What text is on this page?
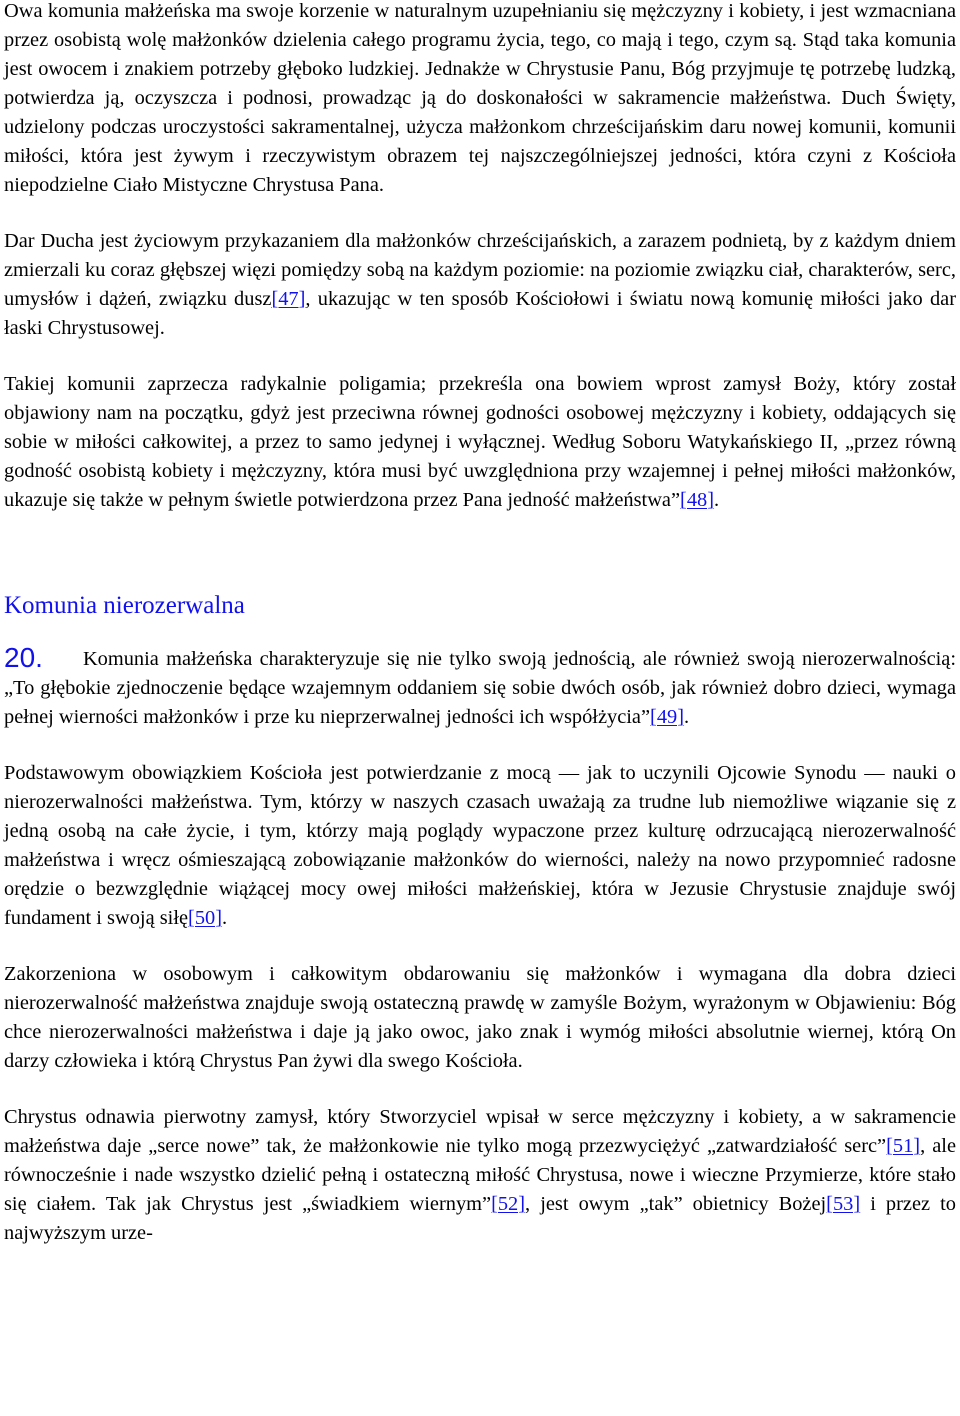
Owa komunia małżeńska ma swoje korzenie w naturalnym uzupełnianiu się mężczyzny i kobiety, i jest wzmacniana przez osobistą wolę małżonków dzielenia całego programu życia, tego, co mają i tego, czym są. Stąd taka komunia jest owocem i znakiem potrzeby głęboko ludzkiej. Jednakże w Chrystusie Panu, Bóg przyjmuje tę potrzebę ludzką, potwierdza ją, oczyszcza i podnosi, prowadząc ją do doskonałości w sakramencie małżeństwa. Duch Święty, udzielony podczas uroczystości sakramentalnej, użycza małżonkom chrześcijańskim daru nowej komunii, komunii miłości, która jest żywym i rzeczywistym obrazem tej najszczególniejszej jedności, która czyni z Kościoła niepodzielne Ciało Mistyczne Chrystusa Pana.

Dar Ducha jest życiowym przykazaniem dla małżonków chrześcijańskich, a zarazem podnietą, by z każdym dniem zmierzali ku coraz głębszej więzi pomiędzy sobą na każdym poziomie: na poziomie związku ciał, charakterów, serc, umysłów i dążeń, związku dusz[47], ukazując w ten sposób Kościołowi i światu nową komunię miłości jako dar łaski Chrystusowej.

Takiej komunii zaprzecza radykalnie poligamia; przekreśla ona bowiem wprost zamysł Boży, który został objawiony nam na początku, gdyż jest przeciwna równej godności osobowej mężczyzny i kobiety, oddających się sobie w miłości całkowitej, a przez to samo jedynej i wyłącznej. Według Soboru Watykańskiego II, „przez równą godność osobistą kobiety i mężczyzny, która musi być uwzględniona przy wzajemnej i pełnej miłości małżonków, ukazuje się także w pełnym świetle potwierdzona przez Pana jedność małżeństwa”[48].

Komunia nierozerwalna

20. Komunia małżeńska charakteryzuje się nie tylko swoją jednością, ale również swoją nierozerwalnością: „To głębokie zjednoczenie będące wzajemnym oddaniem się sobie dwóch osób, jak również dobro dzieci, wymaga pełnej wierności małżonków i prze ku nieprzerwalnej jedności ich współżycia”[49].

Podstawowym obowiązkiem Kościoła jest potwierdzanie z mocą — jak to uczynili Ojcowie Synodu — nauki o nierozerwalności małżeństwa. Tym, którzy w naszych czasach uważają za trudne lub niemożliwe wiązanie się z jedną osobą na całe życie, i tym, którzy mają poglądy wypaczone przez kulturę odrzucającą nierozerwalność małżeństwa i wręcz ośmieszającą zobowiązanie małżonków do wierności, należy na nowo przypomnieć radosne orędzie o bezwzględnie wiążącej mocy owej miłości małżeńskiej, która w Jezusie Chrystusie znajduje swój fundament i swoją siłę[50].

Zakorzeniona w osobowym i całkowitym obdarowaniu się małżonków i wymagana dla dobra dzieci nierozerwalność małżeństwa znajduje swoją ostateczną prawdę w zamyśle Bożym, wyrażonym w Objawieniu: Bóg chce nierozerwalności małżeństwa i daje ją jako owoc, jako znak i wymóg miłości absolutnie wiernej, którą On darzy człowieka i którą Chrystus Pan żywi dla swego Kościoła.

Chrystus odnawia pierwotny zamysł, który Stworzyciel wpisał w serce mężczyzny i kobiety, a w sakramencie małżeństwa daje „serce nowe” tak, że małżonkowie nie tylko mogą przezwyciężyć „zatwardziałość serc”[51], ale równocześnie i nade wszystko dzielić pełną i ostateczną miłość Chrystusa, nowe i wieczne Przymierze, które stało się ciałem. Tak jak Chrystus jest „świadkiem wiernym”[52], jest owym „tak” obietnicy Bożej[53] i przez to najwyższym urze-
